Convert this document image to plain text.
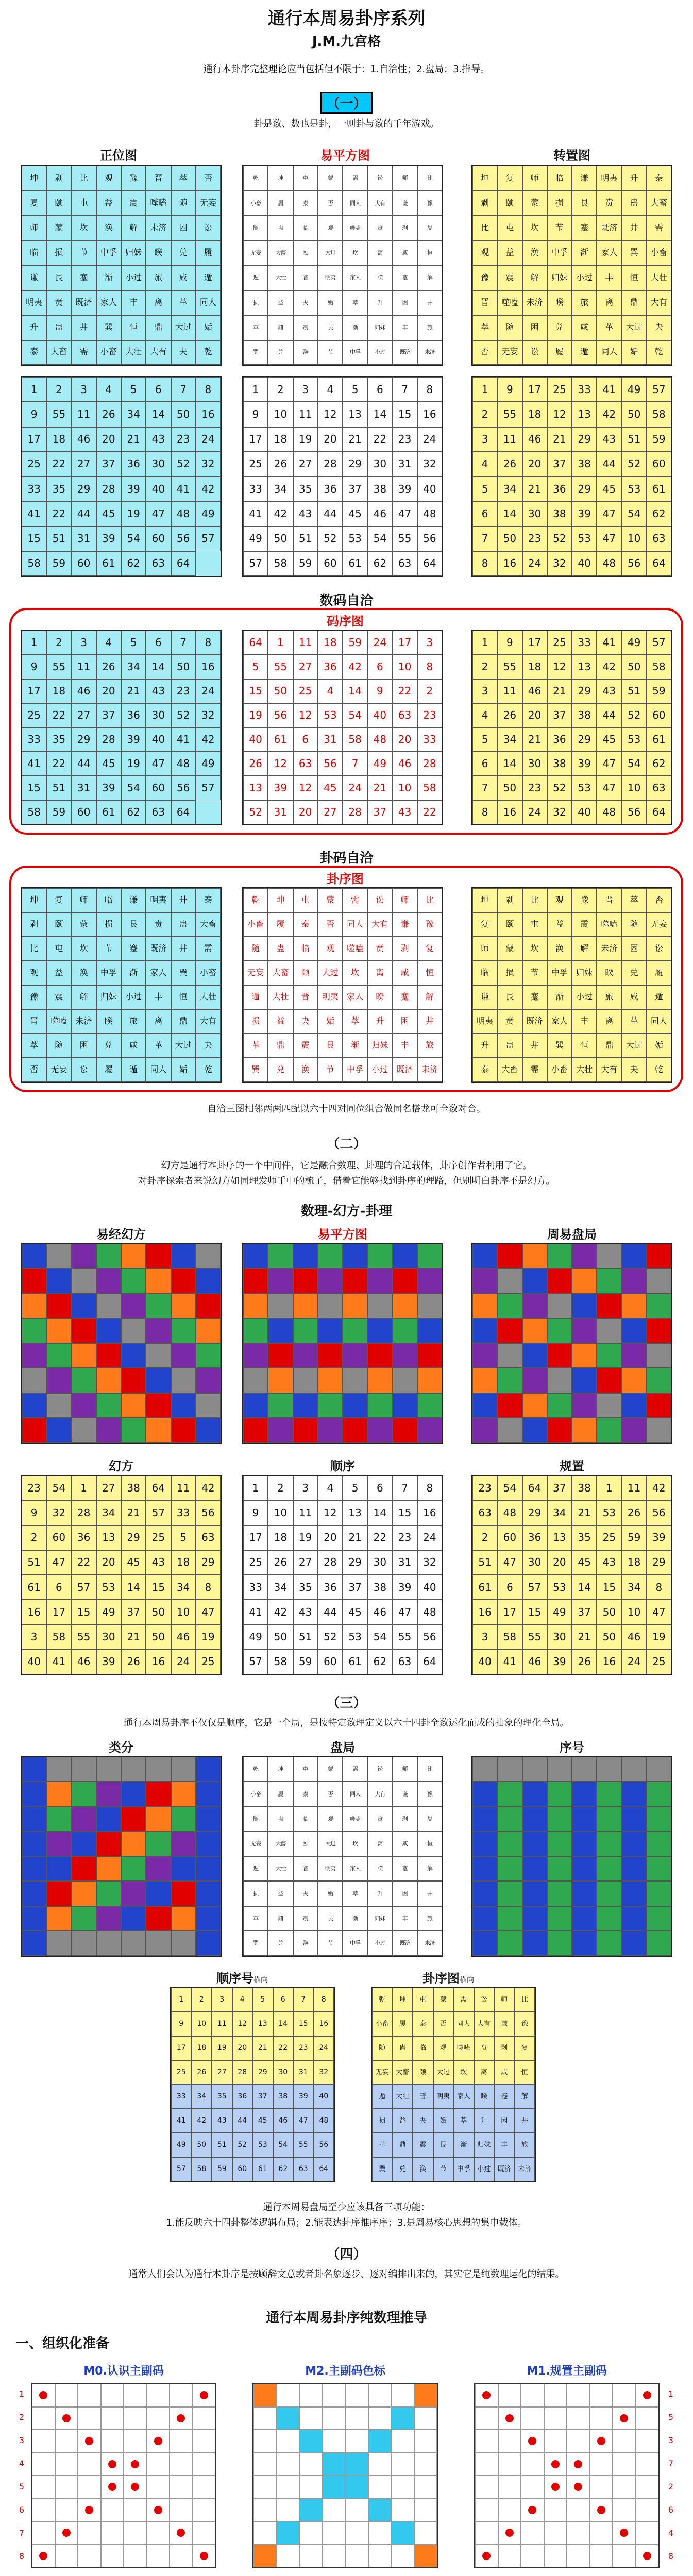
通行本周易卦序系列
J.M.九宫格
通行本卦序完整理论应当包括但不限于：1.自洽性；2.盘局；3.推导。
（一）
卦是数、数也是卦，一则卦与数的千年游戏。
正位图	易平方图	转置图
坤	剥	比	观	豫	晋	萃	否
复	颐	屯	益	震	噬嗑	随	无妄
师	蒙	坎	涣	解	未济	困	讼
临	损	节	中孚	归妹	睽	兑	履
谦	艮	蹇	渐	小过	旅	咸	遁
明夷	贲	既济	家人	丰	离	革	同人
升	蛊	井	巽	恒	鼎	大过	姤
泰	大畜	需	小畜	大壮	大有	夬	乾
乾	坤	屯	蒙	需	讼	师	比
小畜	履	泰	否	同人	大有	谦	豫
随	蛊	临	观	噬嗑	贲	剥	复
无妄	大畜	颐	大过	坎	离	咸	恒
遁	大壮	晋	明夷	家人	睽	蹇	解
损	益	夬	姤	萃	升	困	井
革	鼎	震	艮	渐	归妹	丰	旅
巽	兑	涣	节	中孚	小过	既济	未济
坤	复	师	临	谦	明夷	升	泰
剥	颐	蒙	损	艮	贲	蛊	大畜
比	屯	坎	节	蹇	既济	井	需
观	益	涣	中孚	渐	家人	巽	小畜
豫	震	解	归妹	小过	丰	恒	大壮
晋	噬嗑	未济	睽	旅	离	鼎	大有
萃	随	困	兑	咸	革	大过	夬
否	无妄	讼	履	遁	同人	姤	乾
1	2	3	4	5	6	7	8
9	55	11	26	34	14	50	16
17	18	46	20	21	43	23	24
25	22	27	37	36	30	52	32
33	35	29	28	39	40	41	42
41	22	44	45	19	47	48	49
15	51	31	39	54	60	56	57
58	59	60	61	62	63	64
1	2	3	4	5	6	7	8
9	10	11	12	13	14	15	16
17	18	19	20	21	22	23	24
25	26	27	28	29	30	31	32
33	34	35	36	37	38	39	40
41	42	43	44	45	46	47	48
49	50	51	52	53	54	55	56
57	58	59	60	61	62	63	64
1	9	17	25	33	41	49	57
2	55	18	12	13	42	50	58
3	11	46	21	29	43	51	59
4	26	20	37	38	44	52	60
5	34	21	36	29	45	53	61
6	14	30	38	39	47	54	62
7	50	23	52	53	47	10	63
8	16	24	32	40	48	56	64
数码自洽
码序图
1	2	3	4	5	6	7	8
9	55	11	26	34	14	50	16
17	18	46	20	21	43	23	24
25	22	27	37	36	30	52	32
33	35	29	28	39	40	41	42
41	22	44	45	19	47	48	49
15	51	31	39	54	60	56	57
58	59	60	61	62	63	64
64	1	11	18	59	24	17	3
5	55	27	36	42	6	10	8
15	50	25	4	14	9	22	2
19	56	12	53	54	40	63	23
40	61	6	31	58	48	20	33
26	12	63	56	7	49	46	28
13	39	12	45	24	21	10	58
52	31	20	27	28	37	43	22
1	9	17	25	33	41	49	57
2	55	18	12	13	42	50	58
3	11	46	21	29	43	51	59
4	26	20	37	38	44	52	60
5	34	21	36	29	45	53	61
6	14	30	38	39	47	54	62
7	50	23	52	53	47	10	63
8	16	24	32	40	48	56	64
卦码自洽
卦序图
坤	复	师	临	谦	明夷	升	泰
剥	颐	蒙	损	艮	贲	蛊	大畜
比	屯	坎	节	蹇	既济	井	需
观	益	涣	中孚	渐	家人	巽	小畜
豫	震	解	归妹	小过	丰	恒	大壮
晋	噬嗑	未济	睽	旅	离	鼎	大有
萃	随	困	兑	咸	革	大过	夬
否	无妄	讼	履	遁	同人	姤	乾
乾	坤	屯	蒙	需	讼	师	比
小畜	履	泰	否	同人	大有	谦	豫
随	蛊	临	观	噬嗑	贲	剥	复
无妄	大畜	颐	大过	坎	离	咸	恒
遁	大壮	晋	明夷	家人	睽	蹇	解
损	益	夬	姤	萃	升	困	井
革	鼎	震	艮	渐	归妹	丰	旅
巽	兑	涣	节	中孚	小过	既济	未济
坤	剥	比	观	豫	晋	萃	否
复	颐	屯	益	震	噬嗑	随	无妄
师	蒙	坎	涣	解	未济	困	讼
临	损	节	中孚	归妹	睽	兑	履
谦	艮	蹇	渐	小过	旅	咸	遁
明夷	贲	既济	家人	丰	离	革	同人
升	蛊	井	巽	恒	鼎	大过	姤
泰	大畜	需	小畜	大壮	大有	夬	乾
自洽三图相邻两两匹配以六十四对同位组合做同名搭龙可全数对合。
（二）
幻方是通行本卦序的一个中间件，它是融合数理、卦理的合适载体，卦序创作者利用了它。
对卦序探索者来说幻方如同理发师手中的梳子，借着它能够找到卦序的理路，但别明白卦序不是幻方。
数理-幻方-卦理
易经幻方	易平方图	周易盘局
幻方	顺序	规置
23	54	1	27	38	64	11	42
9	32	28	34	21	57	33	56
2	60	36	13	29	25	5	63
51	47	22	20	45	43	18	29
61	6	57	53	14	15	34	8
16	17	15	49	37	50	10	47
3	58	55	30	21	50	46	19
40	41	46	39	26	16	24	25
1	2	3	4	5	6	7	8
9	10	11	12	13	14	15	16
17	18	19	20	21	22	23	24
25	26	27	28	29	30	31	32
33	34	35	36	37	38	39	40
41	42	43	44	45	46	47	48
49	50	51	52	53	54	55	56
57	58	59	60	61	62	63	64
23	54	64	37	38	1	11	42
63	48	29	34	21	53	26	56
2	60	36	13	35	25	59	39
51	47	30	20	45	43	18	29
61	6	57	53	14	15	34	8
16	17	15	49	37	50	10	47
3	58	55	30	21	50	46	19
40	41	46	39	26	16	24	25
（三）
通行本周易卦序不仅仅是顺序，它是一个局，是按特定数理定义以六十四卦全数运化而成的抽象的理化全局。
类分	盘局	序号
乾	坤	屯	蒙	需	讼	师	比
小畜	履	泰	否	同人	大有	谦	豫
随	蛊	临	观	噬嗑	贲	剥	复
无妄	大畜	颐	大过	坎	离	咸	恒
遁	大壮	晋	明夷	家人	睽	蹇	解
损	益	夬	姤	萃	升	困	井
革	鼎	震	艮	渐	归妹	丰	旅
巽	兑	涣	节	中孚	小过	既济	未济
顺序号横向	卦序图横向
1	2	3	4	5	6	7	8
9	10	11	12	13	14	15	16
17	18	19	20	21	22	23	24
25	26	27	28	29	30	31	32
33	34	35	36	37	38	39	40
41	42	43	44	45	46	47	48
49	50	51	52	53	54	55	56
57	58	59	60	61	62	63	64
乾	坤	屯	蒙	需	讼	师	比
小畜	履	泰	否	同人	大有	谦	豫
随	蛊	临	观	噬嗑	贲	剥	复
无妄	大畜	颐	大过	坎	离	咸	恒
遁	大壮	晋	明夷	家人	睽	蹇	解
损	益	夬	姤	萃	升	困	井
革	鼎	震	艮	渐	归妹	丰	旅
巽	兑	涣	节	中孚	小过	既济	未济
通行本周易盘局至少应该具备三项功能：
1.能反映六十四卦整体逻辑布局；2.能表达卦序推序序；3.是周易核心思想的集中载体。
（四）
通常人们会认为通行本卦序是按顾辞文意或者卦名象逐步、逐对编排出来的，其实它是纯数理运化的结果。
通行本周易卦序纯数理推导
一、组织化准备
M0.认识主副码	M2.主副码色标	M1.规置主副码
1
2
3
4
5
6
7
8
1
5
3
7
2
6
4
8
